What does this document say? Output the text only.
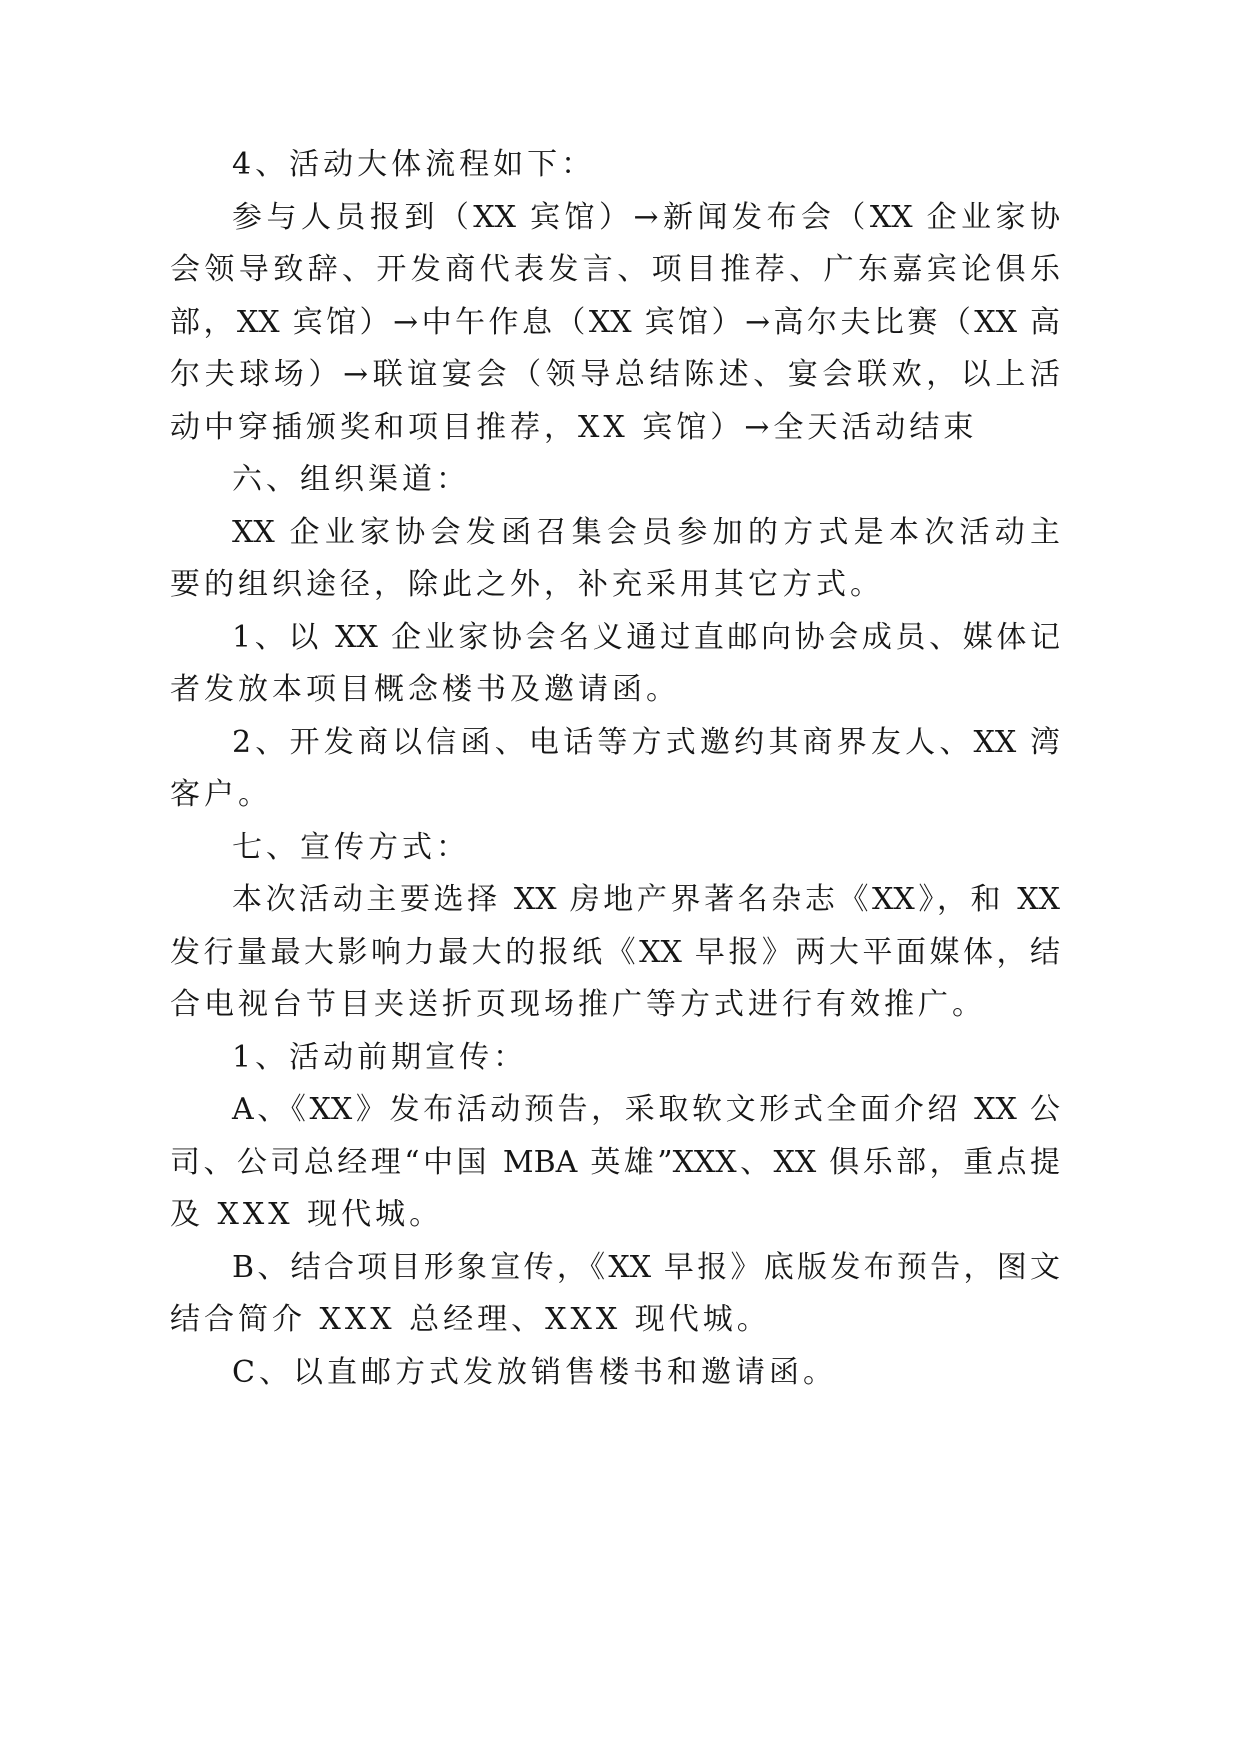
4、活动大体流程如下：
参与人员报到（XX 宾馆）→新闻发布会（XX 企业家协
会领导致辞、开发商代表发言、项目推荐、广东嘉宾论俱乐
部，XX 宾馆）→中午作息（XX 宾馆）→高尔夫比赛（XX 高
尔夫球场）→联谊宴会（领导总结陈述、宴会联欢，以上活
动中穿插颁奖和项目推荐，XX 宾馆）→全天活动结束
六、组织渠道：
XX 企业家协会发函召集会员参加的方式是本次活动主
要的组织途径，除此之外，补充采用其它方式。
1、以 XX 企业家协会名义通过直邮向协会成员、媒体记
者发放本项目概念楼书及邀请函。
2、开发商以信函、电话等方式邀约其商界友人、XX 湾
客户。
七、宣传方式：
本次活动主要选择 XX 房地产界著名杂志《XX》，和 XX
发行量最大影响力最大的报纸《XX 早报》两大平面媒体，结
合电视台节目夹送折页现场推广等方式进行有效推广。
1、活动前期宣传：
A、《XX》发布活动预告，采取软文形式全面介绍 XX 公
司、公司总经理“中国 MBA 英雄”XXX、XX 俱乐部，重点提
及 XXX 现代城。
B、结合项目形象宣传，《XX 早报》底版发布预告，图文
结合简介 XXX 总经理、XXX 现代城。
C、以直邮方式发放销售楼书和邀请函。
